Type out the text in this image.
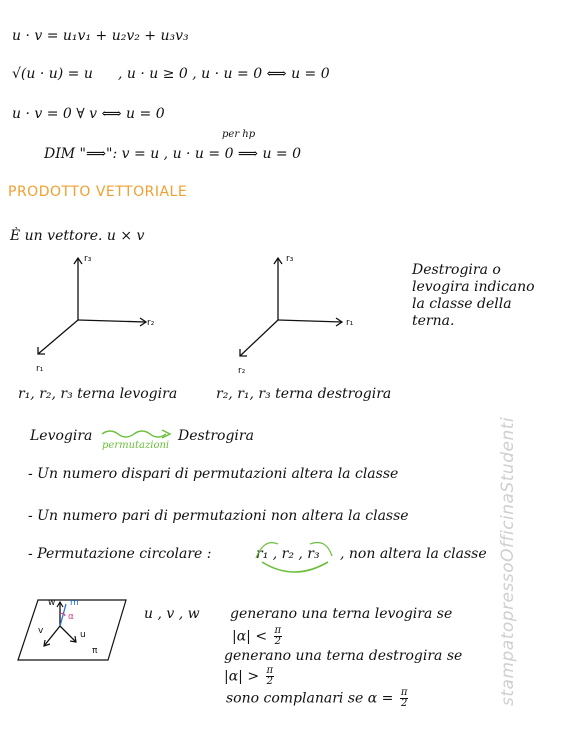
u · v = u₁v₁ + u₂v₂ + u₃v₃
√(u · u) = u , u · u ≥ 0 , u · u = 0 ⟺ u = 0
u · v = 0 ∀ v ⟺ u = 0
per hp
DIM "⟹": v = u , u · u = 0 ⟹ u = 0
PRODOTTO VETTORIALE
È un vettore. u × v
r₃
r₂
r₁
r₁, r₂, r₃ terna levogira
r₃
r₁
r₂
r₂, r₁, r₃ terna destrogira
Destrogira o
levogira indicano
la classe della
terna.
Levogira
permutazioni
Destrogira
- Un numero dispari di permutazioni altera la classe
- Un numero pari di permutazioni non altera la classe
- Permutazione circolare :	r₁ , r₂ , r₃ , non altera la classe
w m
α
v	u
π
u , v , w generano una terna levogira se
$|\alpha| < \frac{\pi}{2}$
generano una terna destrogira se
$|\alpha| > \frac{\pi}{2}$
sono complanari se $\alpha = \frac{\pi}{2}$	stampatopressoOfficinaStudenti
